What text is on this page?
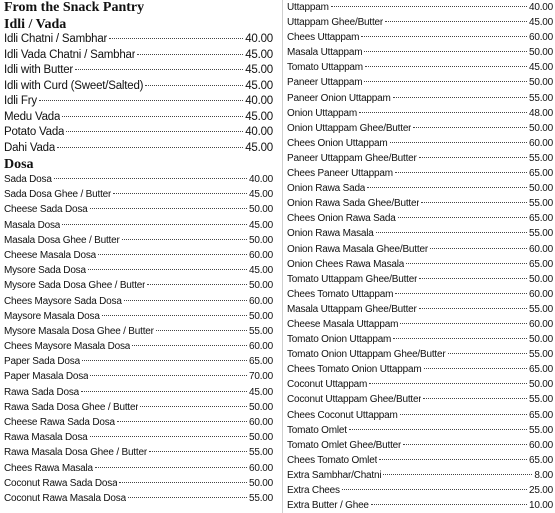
From the Snack Pantry
Idli / Vada
Idli Chatni / Sambhar	40.00
Idli Vada Chatni / Sambhar	45.00
Idli with Butter	45.00
Idli with Curd (Sweet/Salted)	45.00
Idli Fry	40.00
Medu Vada	45.00
Potato Vada	40.00
Dahi Vada	45.00
Dosa
Sada Dosa	40.00
Sada Dosa Ghee / Butter	45.00
Cheese Sada Dosa	50.00
Masala Dosa	45.00
Masala Dosa Ghee / Butter	50.00
Cheese Masala Dosa	60.00
Mysore Sada Dosa	45.00
Mysore Sada Dosa Ghee / Butter	50.00
Chees Maysore Sada Dosa	60.00
Maysore Masala Dosa	50.00
Mysore Masala Dosa Ghee / Butter	55.00
Chees Maysore Masala Dosa	60.00
Paper Sada Dosa	65.00
Paper Masala Dosa	70.00
Rawa Sada Dosa	45.00
Rawa Sada Dosa Ghee / Butter	50.00
Cheese Rawa Sada Dosa	60.00
Rawa Masala Dosa	50.00
Rawa Masala Dosa Ghee / Butter	55.00
Chees Rawa Masala	60.00
Coconut Rawa Sada Dosa	50.00
Coconut Rawa Masala Dosa	55.00
Uttappam	40.00
Uttappam Ghee/Butter	45.00
Chees Uttappam	60.00
Masala Uttappam	50.00
Tomato Uttappam	45.00
Paneer Uttappam	50.00
Paneer Onion Uttappam	55.00
Onion Uttappam	48.00
Onion Uttappam Ghee/Butter	50.00
Chees Onion Uttappam	60.00
Paneer Uttappam Ghee/Butter	55.00
Chees Paneer Uttappam	65.00
Onion Rawa Sada	50.00
Onion Rawa Sada Ghee/Butter	55.00
Chees Onion Rawa Sada	65.00
Onion Rawa Masala	55.00
Onion Rawa Masala Ghee/Butter	60.00
Onion Chees Rawa Masala	65.00
Tomato Uttappam Ghee/Butter	50.00
Chees Tomato Uttappam	60.00
Masala Uttappam Ghee/Butter	55.00
Cheese Masala Uttappam	60.00
Tomato Onion Uttappam	50.00
Tomato Onion Uttappam Ghee/Butter	55.00
Chees Tomato Onion Uttappam	65.00
Coconut Uttappam	50.00
Coconut Uttappam Ghee/Butter	55.00
Chees Coconut Uttappam	65.00
Tomato Omlet	55.00
Tomato Omlet Ghee/Butter	60.00
Chees Tomato Omlet	65.00
Extra Sambhar/Chatni	8.00
Extra Chees	25.00
Extra Butter / Ghee	10.00
